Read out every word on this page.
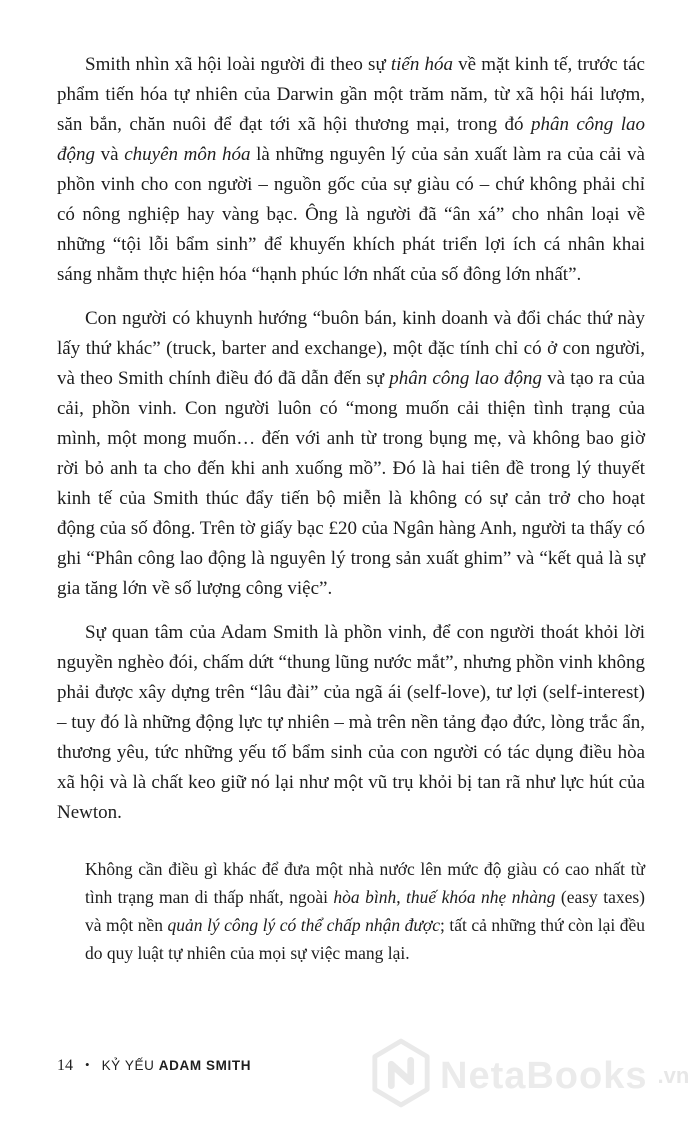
Smith nhìn xã hội loài người đi theo sự tiến hóa về mặt kinh tế, trước tác phẩm tiến hóa tự nhiên của Darwin gần một trăm năm, từ xã hội hái lượm, săn bắn, chăn nuôi để đạt tới xã hội thương mại, trong đó phân công lao động và chuyên môn hóa là những nguyên lý của sản xuất làm ra của cải và phồn vinh cho con người – nguồn gốc của sự giàu có – chứ không phải chỉ có nông nghiệp hay vàng bạc. Ông là người đã “ân xá” cho nhân loại về những “tội lỗi bẩm sinh” để khuyến khích phát triển lợi ích cá nhân khai sáng nhằm thực hiện hóa “hạnh phúc lớn nhất của số đông lớn nhất”.

Con người có khuynh hướng “buôn bán, kinh doanh và đổi chác thứ này lấy thứ khác” (truck, barter and exchange), một đặc tính chỉ có ở con người, và theo Smith chính điều đó đã dẫn đến sự phân công lao động và tạo ra của cải, phồn vinh. Con người luôn có “mong muốn cải thiện tình trạng của mình, một mong muốn… đến với anh từ trong bụng mẹ, và không bao giờ rời bỏ anh ta cho đến khi anh xuống mồ”. Đó là hai tiên đề trong lý thuyết kinh tế của Smith thúc đẩy tiến bộ miễn là không có sự cản trở cho hoạt động của số đông. Trên tờ giấy bạc £20 của Ngân hàng Anh, người ta thấy có ghi “Phân công lao động là nguyên lý trong sản xuất ghim” và “kết quả là sự gia tăng lớn về số lượng công việc”.

Sự quan tâm của Adam Smith là phồn vinh, để con người thoát khỏi lời nguyền nghèo đói, chấm dứt “thung lũng nước mắt”, nhưng phồn vinh không phải được xây dựng trên “lâu đài” của ngã ái (self-love), tư lợi (self-interest) – tuy đó là những động lực tự nhiên – mà trên nền tảng đạo đức, lòng trắc ẩn, thương yêu, tức những yếu tố bẩm sinh của con người có tác dụng điều hòa xã hội và là chất keo giữ nó lại như một vũ trụ khỏi bị tan rã như lực hút của Newton.

Không cần điều gì khác để đưa một nhà nước lên mức độ giàu có cao nhất từ tình trạng man di thấp nhất, ngoài hòa bình, thuế khóa nhẹ nhàng (easy taxes) và một nền quản lý công lý có thể chấp nhận được; tất cả những thứ còn lại đều do quy luật tự nhiên của mọi sự việc mang lại.

NetaBooks .vn
14 • KỶ YẾU ADAM SMITH
